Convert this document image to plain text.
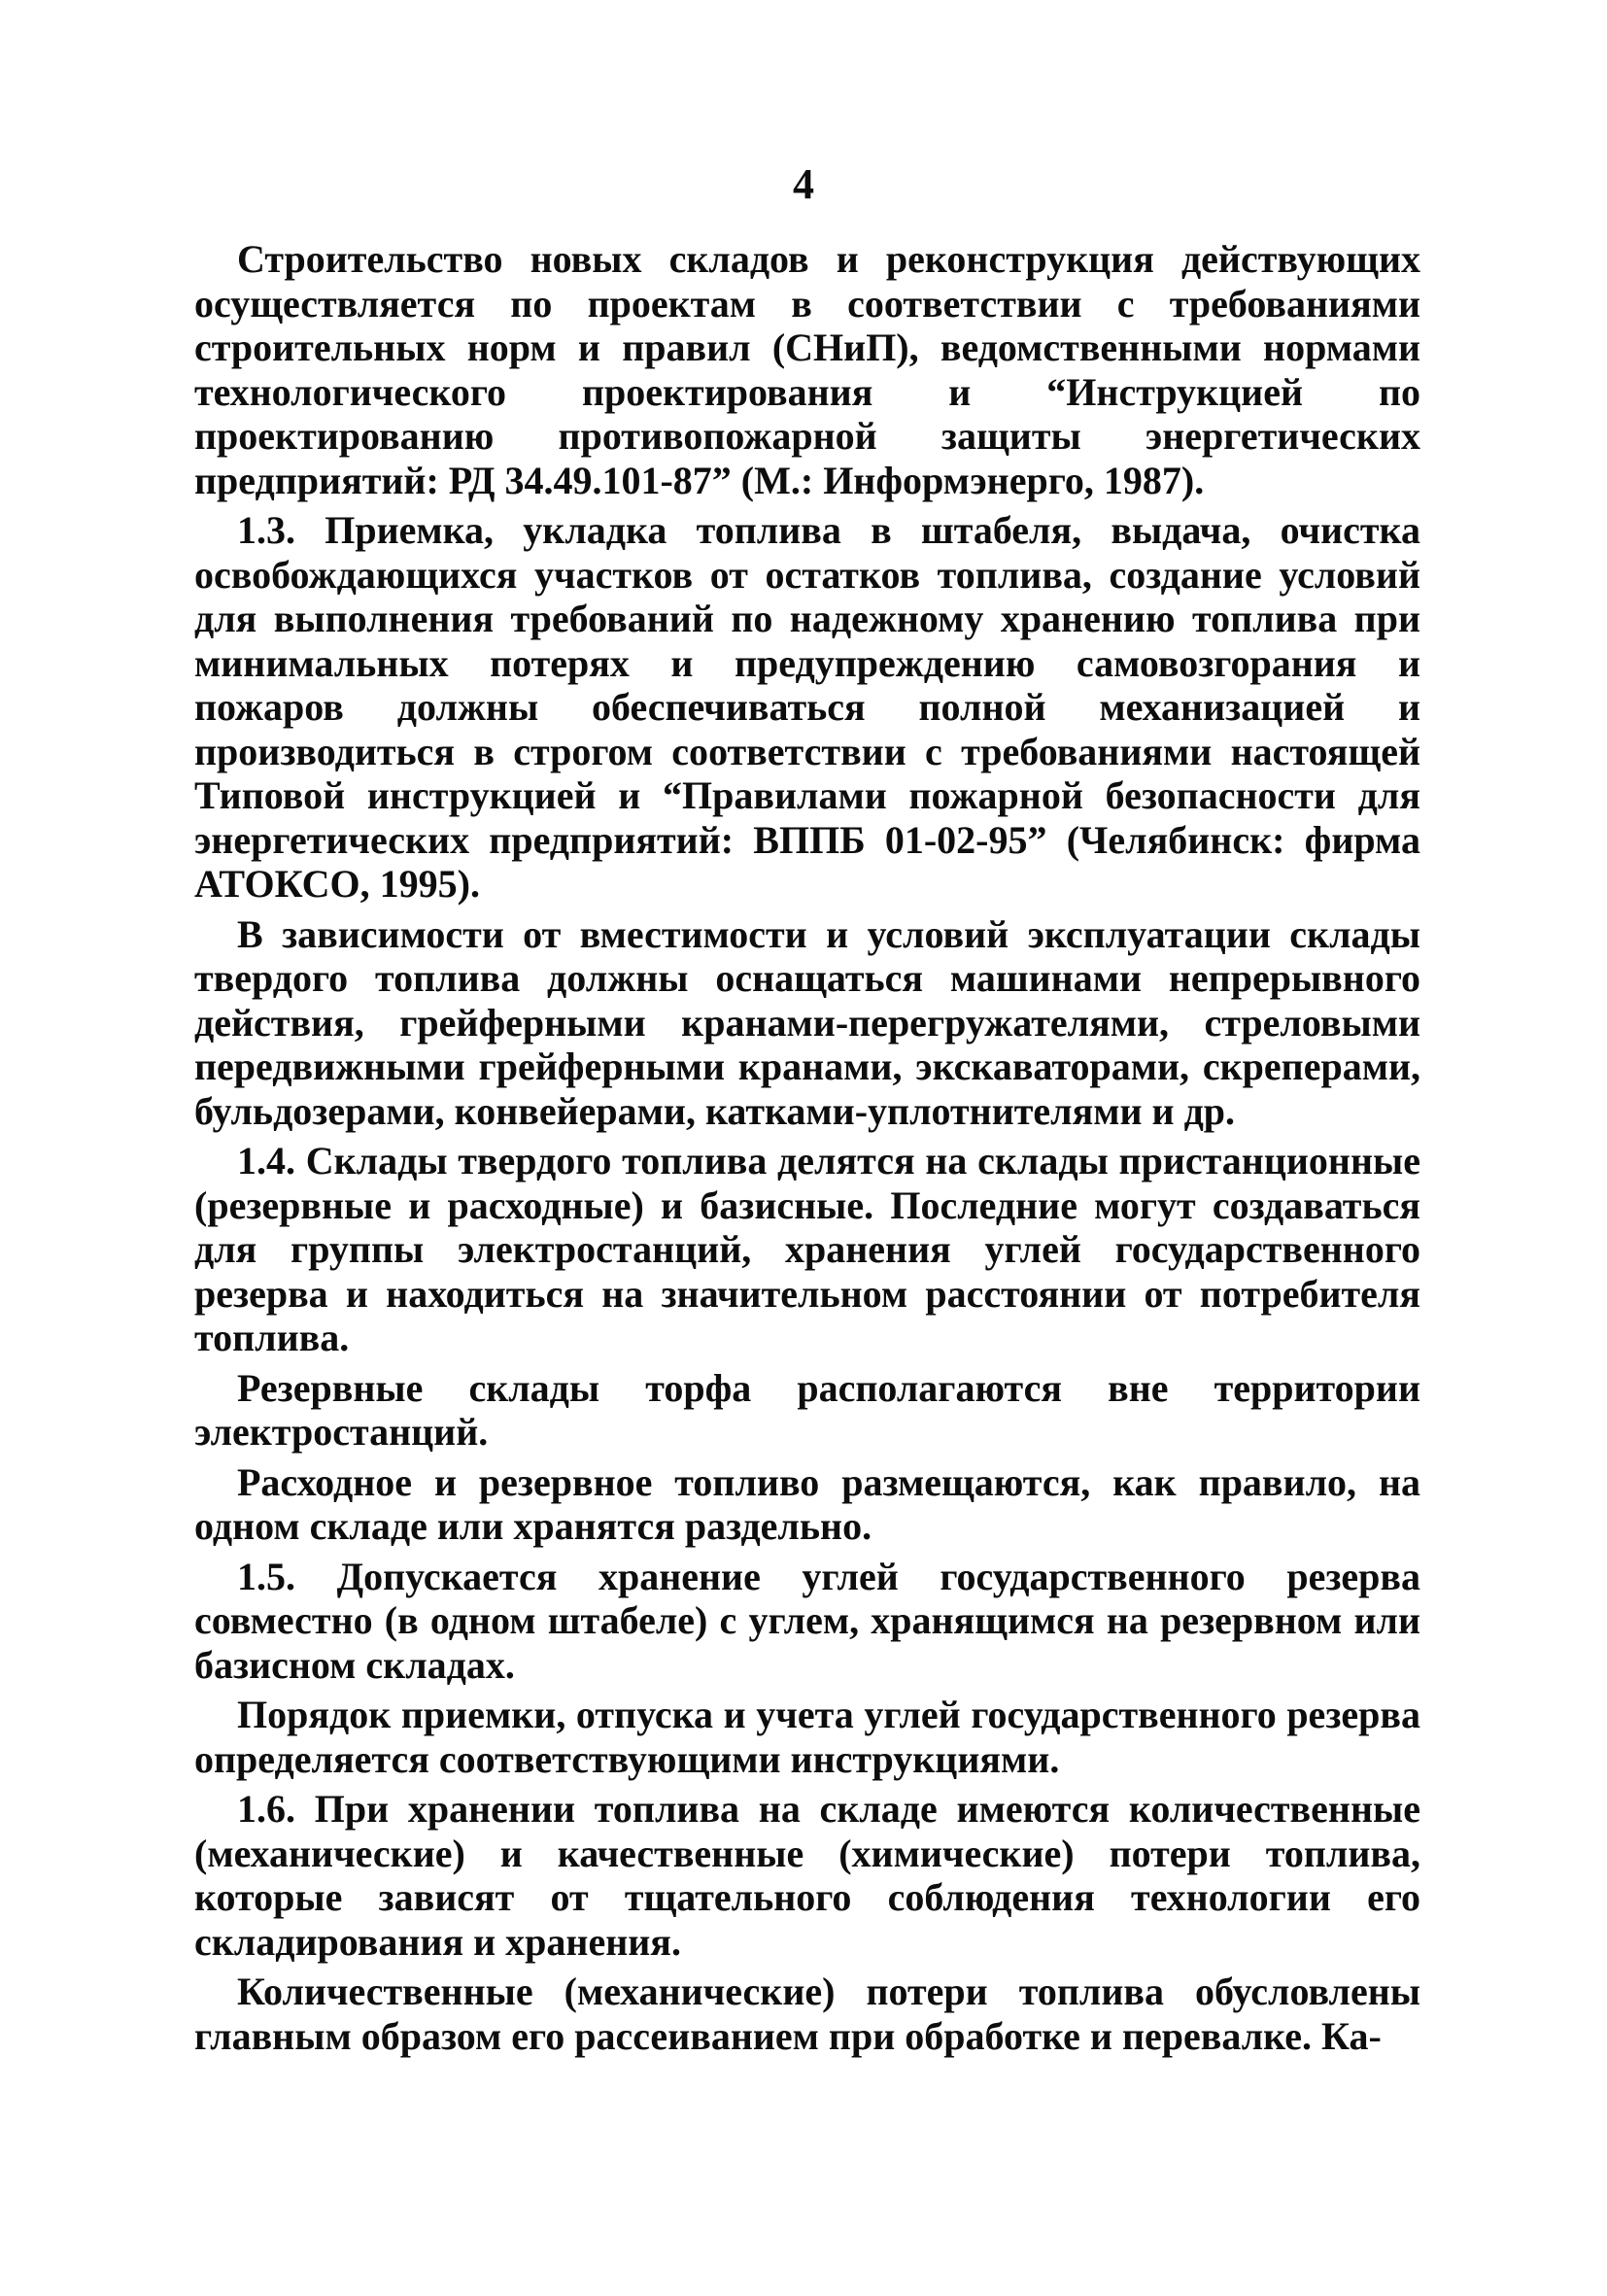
4

Строительство новых складов и реконструкция действующих осуществляется по проектам в соответствии с требованиями строительных норм и правил (СНиП), ведомственными нормами технологического проектирования и “Инструкцией по проектированию противопожарной защиты энергетических предприятий: РД 34.49.101-87” (М.: Информэнерго, 1987).

1.3. Приемка, укладка топлива в штабеля, выдача, очистка освобождающихся участков от остатков топлива, создание условий для выполнения требований по надежному хранению топлива при минимальных потерях и предупреждению самовозгорания и пожаров должны обеспечиваться полной механизацией и производиться в строгом соответствии с требованиями настоящей Типовой инструкцией и “Правилами пожарной безопасности для энергетических предприятий: ВППБ 01-02-95” (Челябинск: фирма АТОКСО, 1995).

В зависимости от вместимости и условий эксплуатации склады твердого топлива должны оснащаться машинами непрерывного действия, грейферными кранами-перегружателями, стреловыми передвижными грейферными кранами, экскаваторами, скреперами, бульдозерами, конвейерами, катками-уплотнителями и др.

1.4. Склады твердого топлива делятся на склады пристанционные (резервные и расходные) и базисные. Последние могут создаваться для группы электростанций, хранения углей государственного резерва и находиться на значительном расстоянии от потребителя топлива.

Резервные склады торфа располагаются вне территории электростанций.

Расходное и резервное топливо размещаются, как правило, на одном складе или хранятся раздельно.

1.5. Допускается хранение углей государственного резерва совместно (в одном штабеле) с углем, хранящимся на резервном или базисном складах.

Порядок приемки, отпуска и учета углей государственного резерва определяется соответствующими инструкциями.

1.6. При хранении топлива на складе имеются количественные (механические) и качественные (химические) потери топлива, которые зависят от тщательного соблюдения технологии его складирования и хранения.

Количественные (механические) потери топлива обусловлены главным образом его рассеиванием при обработке и перевалке. Ка-
